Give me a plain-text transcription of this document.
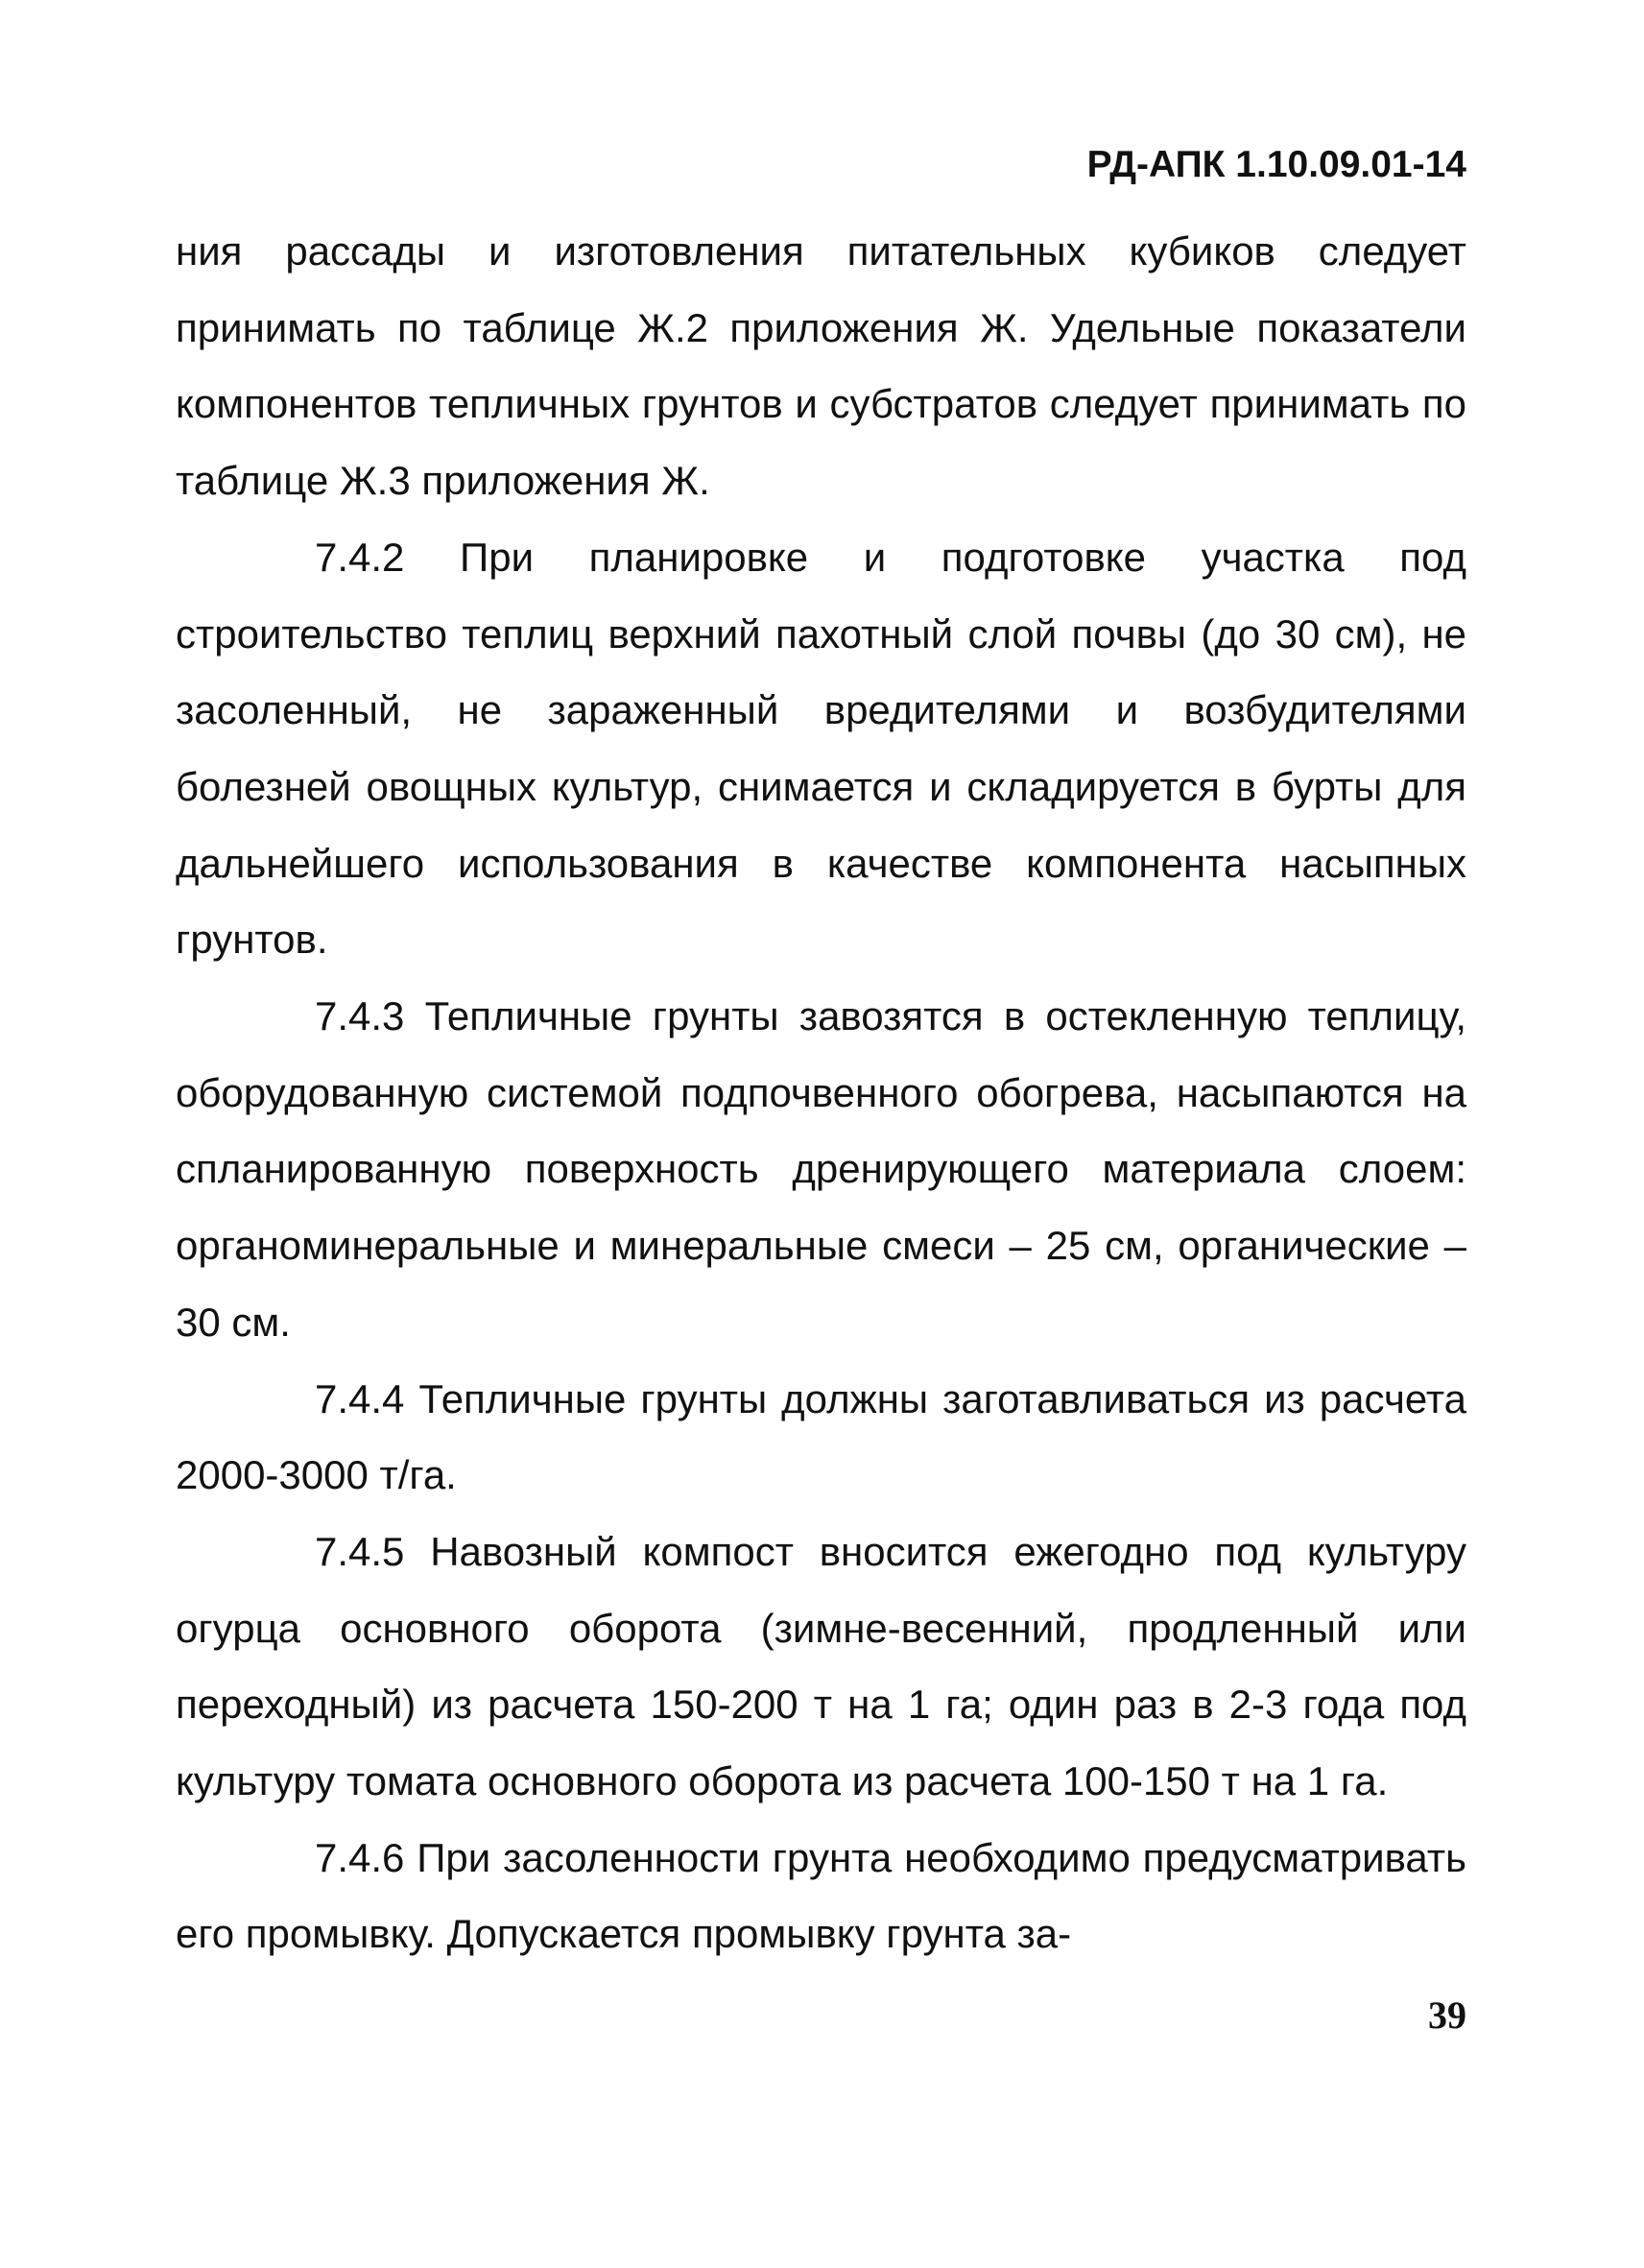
РД-АПК 1.10.09.01-14

ния рассады и изготовления питательных кубиков следует принимать по таблице Ж.2 приложения Ж. Удельные показатели компонентов тепличных грунтов и субстратов следует принимать по таблице Ж.3 приложения Ж.

7.4.2 При планировке и подготовке участка под строительство теплиц верхний пахотный слой почвы (до 30 см), не засоленный, не зараженный вредителями и возбудителями болезней овощных культур, снимается и складируется в бурты для дальнейшего использования в качестве компонента насыпных грунтов.

7.4.3 Тепличные грунты завозятся в остекленную теплицу, оборудованную системой подпочвенного обогрева, насыпаются на спланированную поверхность дренирующего материала слоем: органоминеральные и минеральные смеси – 25 см, органические – 30 см.

7.4.4 Тепличные грунты должны заготавливаться из расчета 2000-3000 т/га.

7.4.5 Навозный компост вносится ежегодно под культуру огурца основного оборота (зимне-весенний, продленный или переходный) из расчета 150-200 т на 1 га; один раз в 2-3 года под культуру томата основного оборота из расчета 100-150 т на 1 га.

7.4.6 При засоленности грунта необходимо предусматривать его промывку. Допускается промывку грунта за-

39
